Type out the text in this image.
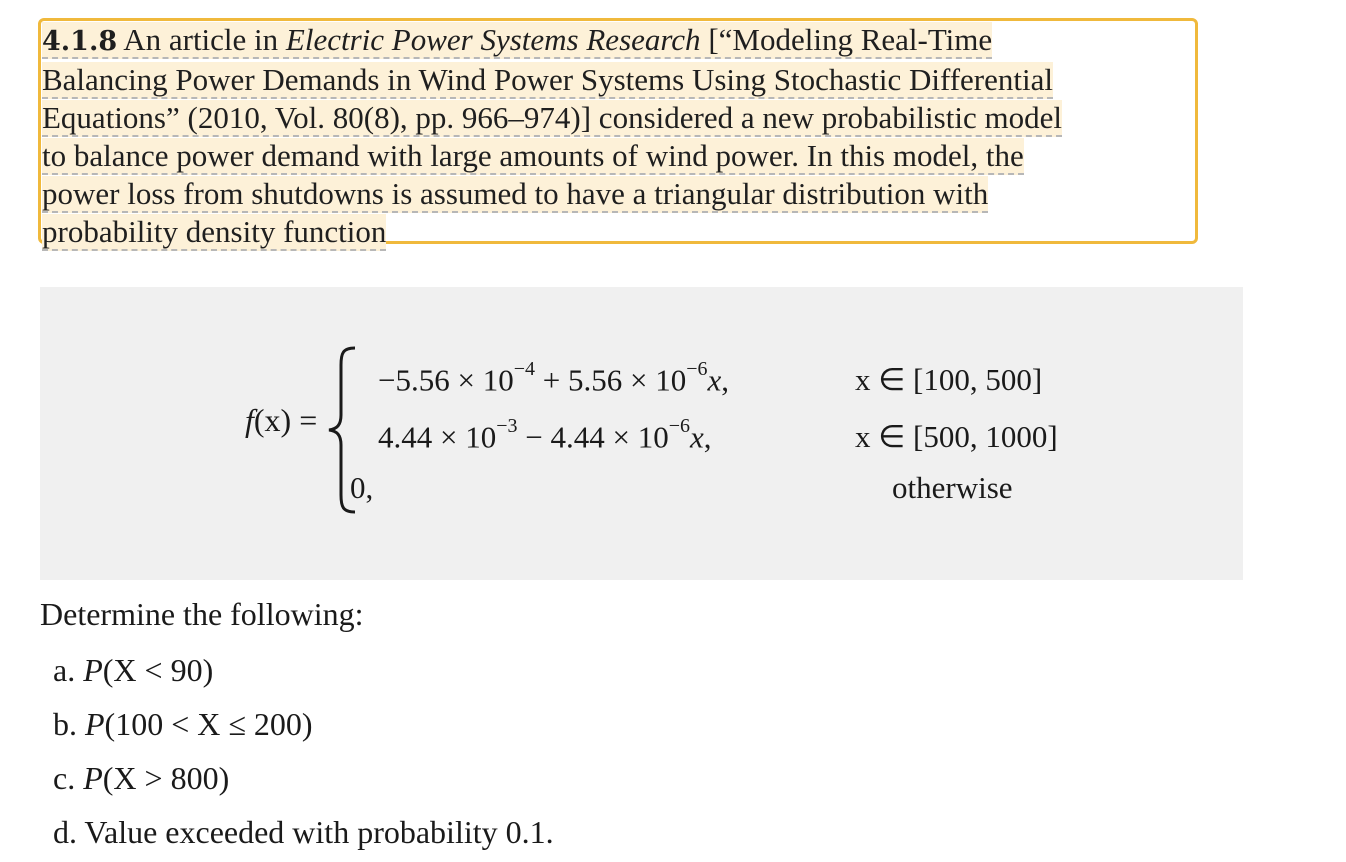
4.1.8 An article in Electric Power Systems Research [“Modeling Real-Time
Balancing Power Demands in Wind Power Systems Using Stochastic Differential
Equations” (2010, Vol. 80(8), pp. 966–974)] considered a new probabilistic model
to balance power demand with large amounts of wind power. In this model, the
power loss from shutdowns is assumed to have a triangular distribution with
probability density function

f(x) =
$-5.56 \times 10^{-4} + 5.56 \times 10^{-6}x$,	x ∈ [100, 500]
$4.44 \times 10^{-3} - 4.44 \times 10^{-6}x$,	x ∈ [500, 1000]
0,	otherwise
Determine the following:
a. P(X < 90)
b. P(100 < X ≤ 200)
c. P(X > 800)
d. Value exceeded with probability 0.1.
